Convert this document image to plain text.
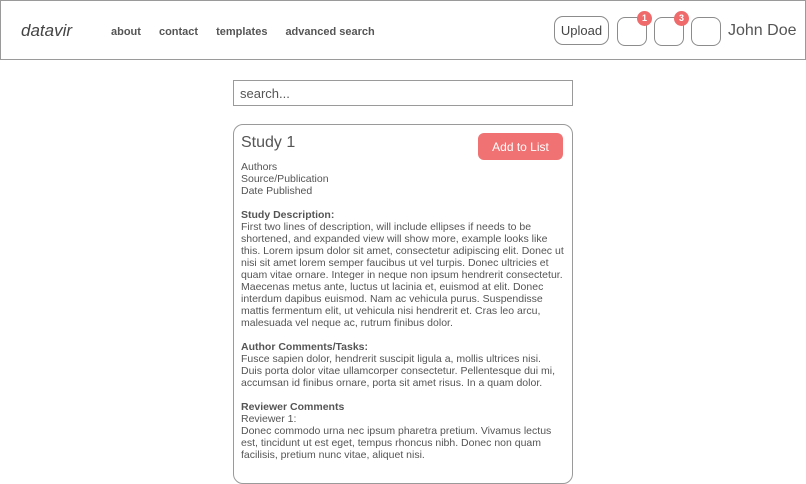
datavir	about contact templates advanced search	Upload
1	3
John Doe
search...
Study 1	Add to List
Authors
Source/Publication
Date Published
Study Description:
First two lines of description, will include ellipses if needs to be shortened, and expanded view will show more, example looks like this. Lorem ipsum dolor sit amet, consectetur adipiscing elit. Donec ut nisi sit amet lorem semper faucibus ut vel turpis. Donec ultricies et quam vitae ornare. Integer in neque non ipsum hendrerit consectetur. Maecenas metus ante, luctus ut lacinia et, euismod at elit. Donec interdum dapibus euismod. Nam ac vehicula purus. Suspendisse mattis fermentum elit, ut vehicula nisi hendrerit et. Cras leo arcu, malesuada vel neque ac, rutrum finibus dolor.
Author Comments/Tasks:
Fusce sapien dolor, hendrerit suscipit ligula a, mollis ultrices nisi. Duis porta dolor vitae ullamcorper consectetur. Pellentesque dui mi, accumsan id finibus ornare, porta sit amet risus. In a quam dolor.
Reviewer Comments
Reviewer 1:
Donec commodo urna nec ipsum pharetra pretium. Vivamus lectus est, tincidunt ut est eget, tempus rhoncus nibh. Donec non quam facilisis, pretium nunc vitae, aliquet nisi.
